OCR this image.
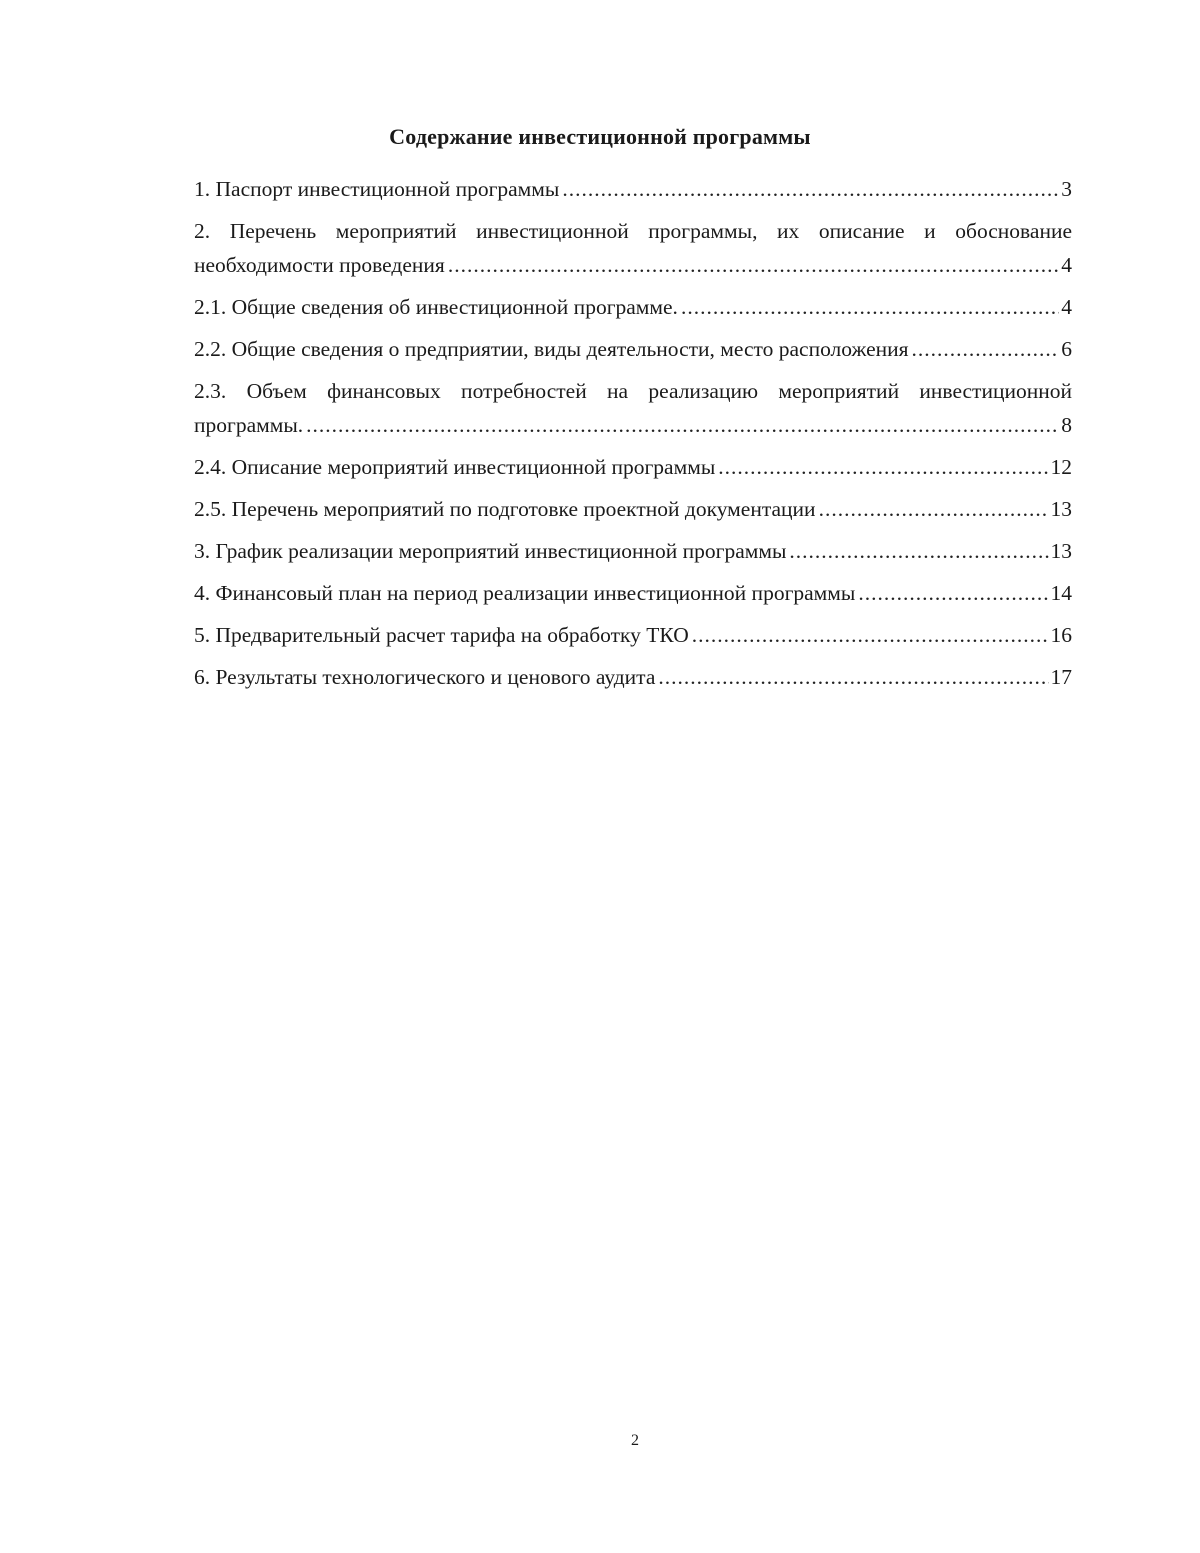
Содержание инвестиционной программы
1. Паспорт инвестиционной программы .....	3
2. Перечень мероприятий инвестиционной программы, их описание и обоснование
необходимости проведения .....	4
2.1. Общие сведения об инвестиционной программе. .....	4
2.2. Общие сведения о предприятии, виды деятельности, место расположения .....	6
2.3. Объем финансовых потребностей на реализацию мероприятий инвестиционной
программы. .....	8
2.4. Описание мероприятий инвестиционной программы .....	12
2.5. Перечень мероприятий по подготовке проектной документации .....	13
3. График реализации мероприятий инвестиционной программы .....	13
4. Финансовый план на период реализации инвестиционной программы .....	14
5. Предварительный расчет тарифа на обработку ТКО .....	16
6. Результаты технологического и ценового аудита .....	17
2
